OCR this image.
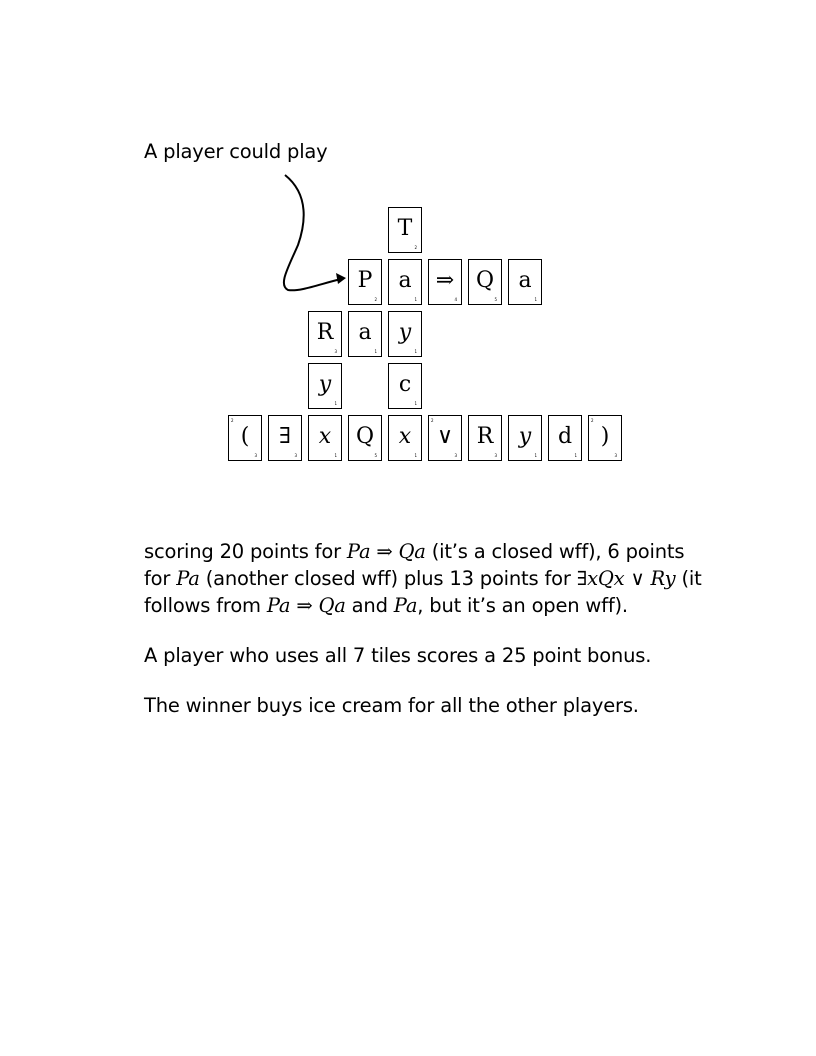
A player could play
T
2
P
2
a
1
⇒
4
Q
5
a
1
R
3
a
1
y
1
y
1
c
1
(
3
2
∃
3
x
1
Q
5
x
1
∨
3
2
R
3
y
1
d
1
)
3
2
scoring 20 points for Pa ⇒ Qa (it’s a closed wff), 6 points for Pa (another closed wff) plus 13 points for ∃xQx ∨ Ry (it follows from Pa ⇒ Qa and Pa, but it’s an open wff).
A player who uses all 7 tiles scores a 25 point bonus.
The winner buys ice cream for all the other players.
